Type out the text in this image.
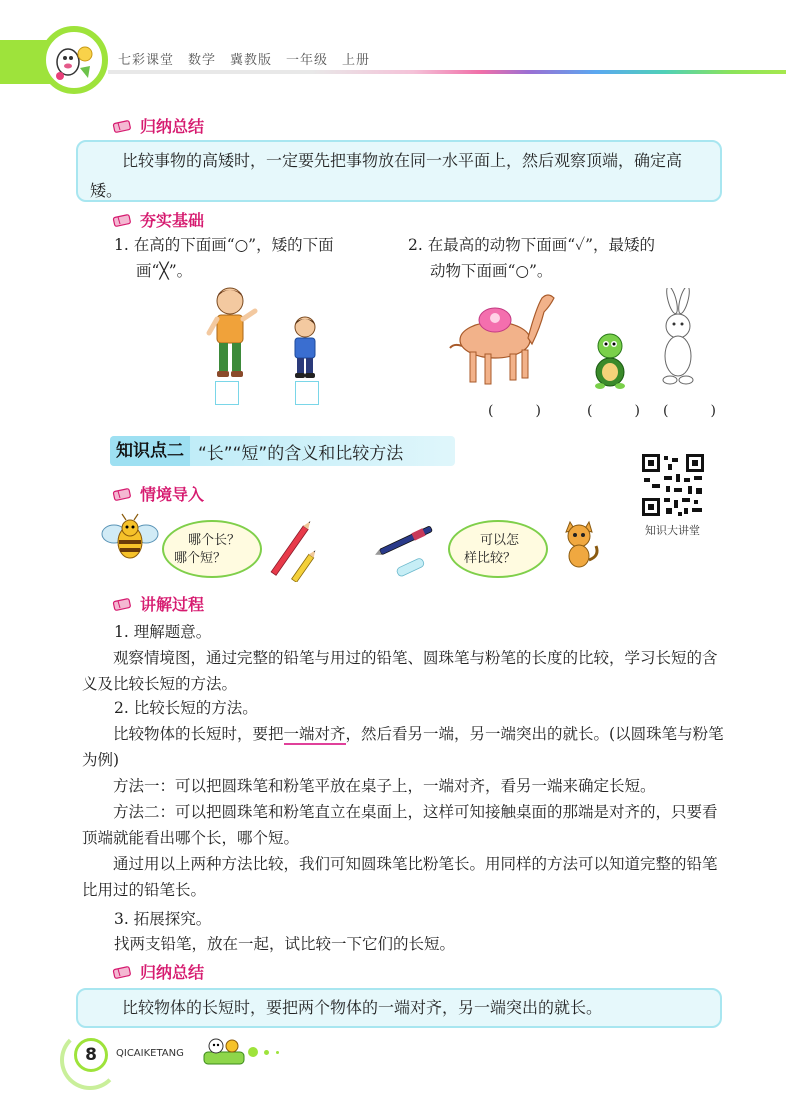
七彩课堂　数学　冀教版　一年级　上册
归纳总结
比较事物的高矮时，一定要先把事物放在同一水平面上，然后观察顶端，确定高矮。
夯实基础
1. 在高的下面画“○”，矮的下面
画“╳”。
2. 在最高的动物下面画“✓”，最矮的
动物下面画“○”。
(　) (　) (　)
知识点二 “长”“短”的含义和比较方法
知识大讲堂
情境导入
哪个长？
哪个短？
可以怎
样比较？
讲解过程
1. 理解题意。
观察情境图，通过完整的铅笔与用过的铅笔、圆珠笔与粉笔的长度的比较，学习长短的含义及比较长短的方法。
2. 比较长短的方法。
比较物体的长短时，要把一端对齐，然后看另一端，另一端突出的就长。(以圆珠笔与粉笔为例)
方法一：可以把圆珠笔和粉笔平放在桌子上，一端对齐，看另一端来确定长短。
方法二：可以把圆珠笔和粉笔直立在桌面上，这样可知接触桌面的那端是对齐的，只要看顶端就能看出哪个长，哪个短。
通过用以上两种方法比较，我们可知圆珠笔比粉笔长。用同样的方法可以知道完整的铅笔比用过的铅笔长。
3. 拓展探究。
找两支铅笔，放在一起，试比较一下它们的长短。
归纳总结
比较物体的长短时，要把两个物体的一端对齐，另一端突出的就长。
8	QICAIKETANG
